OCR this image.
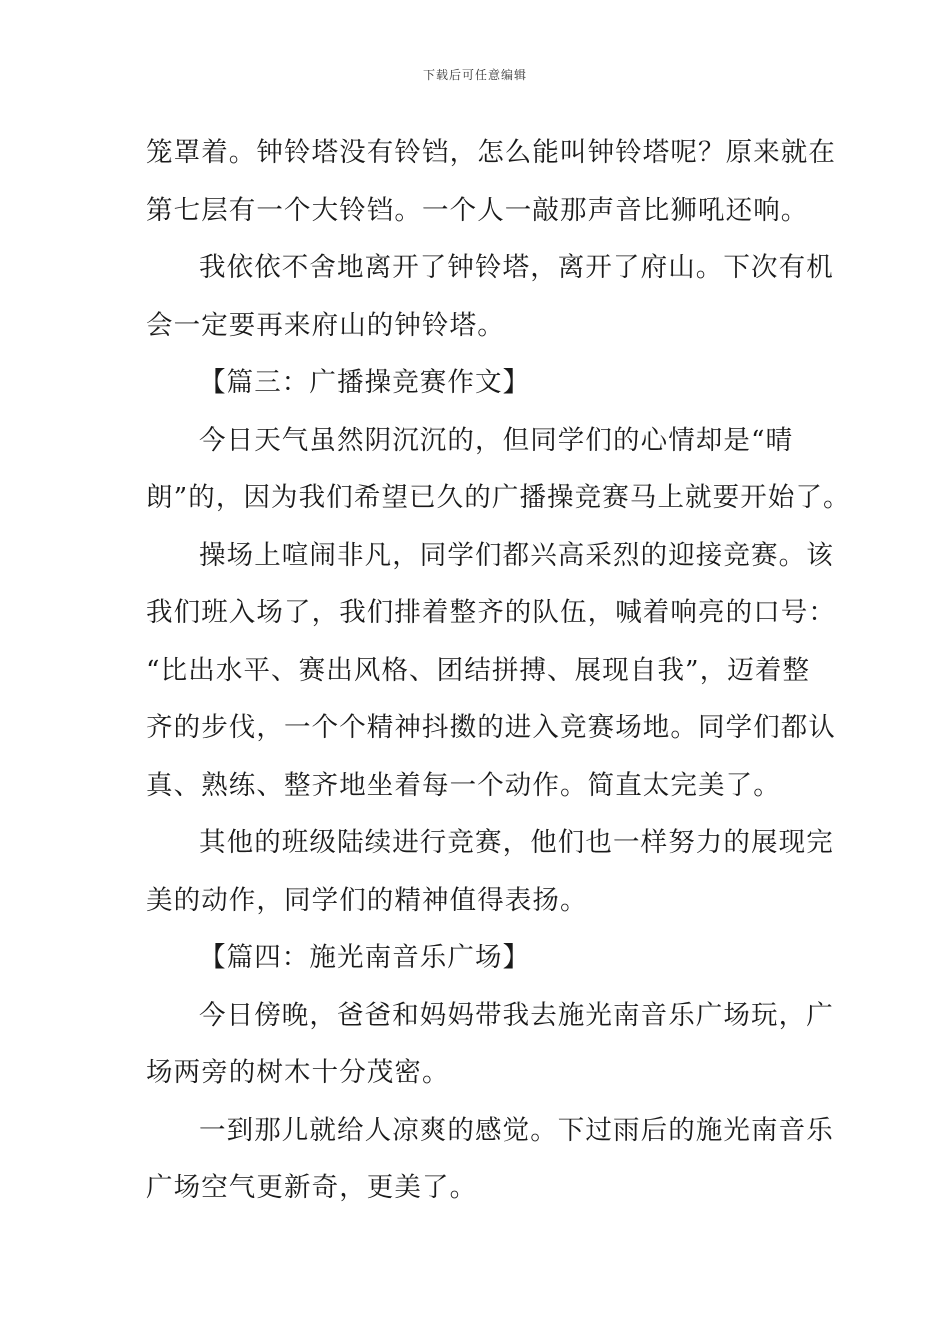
下载后可任意编辑
笼罩着。钟铃塔没有铃铛，怎么能叫钟铃塔呢？原来就在
第七层有一个大铃铛。一个人一敲那声音比狮吼还响。
我依依不舍地离开了钟铃塔，离开了府山。下次有机
会一定要再来府山的钟铃塔。
【篇三：广播操竞赛作文】
今日天气虽然阴沉沉的，但同学们的心情却是“晴
朗”的，因为我们希望已久的广播操竞赛马上就要开始了。
操场上喧闹非凡，同学们都兴高采烈的迎接竞赛。该
我们班入场了，我们排着整齐的队伍，喊着响亮的口号：
“比出水平、赛出风格、团结拼搏、展现自我”，迈着整
齐的步伐，一个个精神抖擞的进入竞赛场地。同学们都认
真、熟练、整齐地坐着每一个动作。简直太完美了。
其他的班级陆续进行竞赛，他们也一样努力的展现完
美的动作，同学们的精神值得表扬。
【篇四：施光南音乐广场】
今日傍晚，爸爸和妈妈带我去施光南音乐广场玩，广
场两旁的树木十分茂密。
一到那儿就给人凉爽的感觉。下过雨后的施光南音乐
广场空气更新奇，更美了。
